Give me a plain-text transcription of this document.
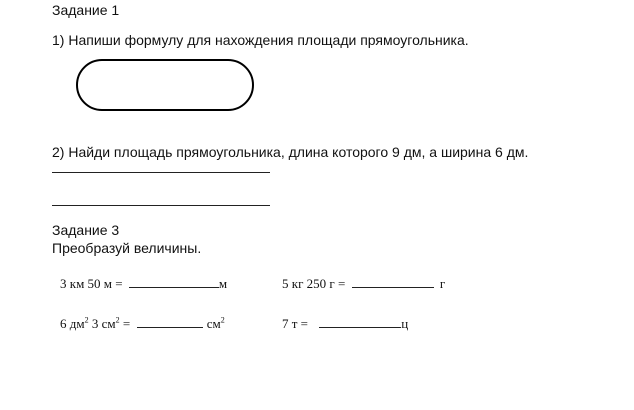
Задание 1
1) Напиши формулу для нахождения площади прямоугольника.
2) Найди площадь прямоугольника, длина которого 9 дм, а ширина 6 дм.
Задание 3
Преобразуй величины.
3 км 50 м =	м	5 кг 250 г =	г
6 $дм^2$ 3 $см^2$ =	$см^2$	7 т =	ц
